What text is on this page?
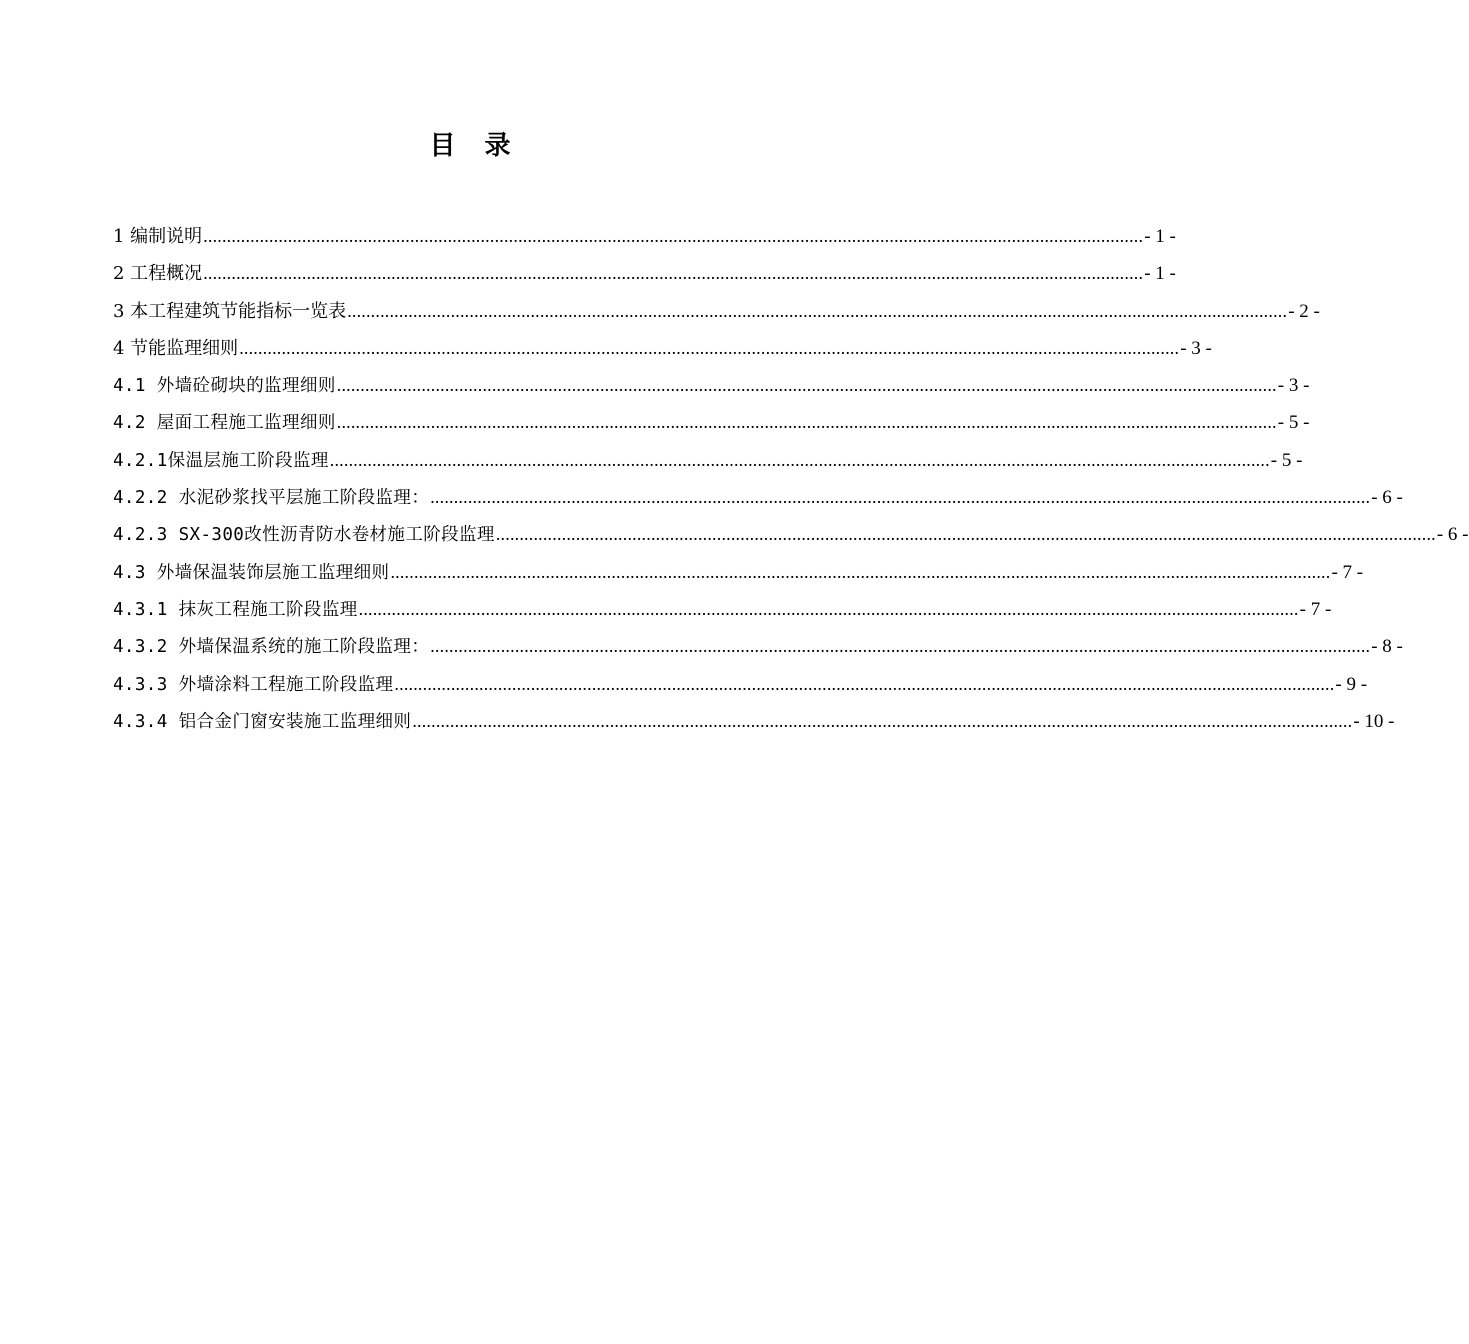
目 录
1 编制说明 ........................................................................................................................................................................................................ - 1 -
2 工程概况 ........................................................................................................................................................................................................ - 1 -
3 本工程建筑节能指标一览表 ........................................................................................................................................................................................................ - 2 -
4 节能监理细则 ........................................................................................................................................................................................................ - 3 -
4.1 外墙砼砌块的监理细则 ........................................................................................................................................................................................................ - 3 -
4.2 屋面工程施工监理细则 ........................................................................................................................................................................................................ - 5 -
4.2.1保温层施工阶段监理 ........................................................................................................................................................................................................ - 5 -
4.2.2 水泥砂浆找平层施工阶段监理： ........................................................................................................................................................................................................ - 6 -
4.2.3 SX-300改性沥青防水卷材施工阶段监理 ........................................................................................................................................................................................................ - 6 -
4.3 外墙保温装饰层施工监理细则 ........................................................................................................................................................................................................ - 7 -
4.3.1 抹灰工程施工阶段监理 ........................................................................................................................................................................................................ - 7 -
4.3.2 外墙保温系统的施工阶段监理： ........................................................................................................................................................................................................ - 8 -
4.3.3 外墙涂料工程施工阶段监理 ........................................................................................................................................................................................................ - 9 -
4.3.4 铝合金门窗安装施工监理细则 ........................................................................................................................................................................................................ - 10 -
